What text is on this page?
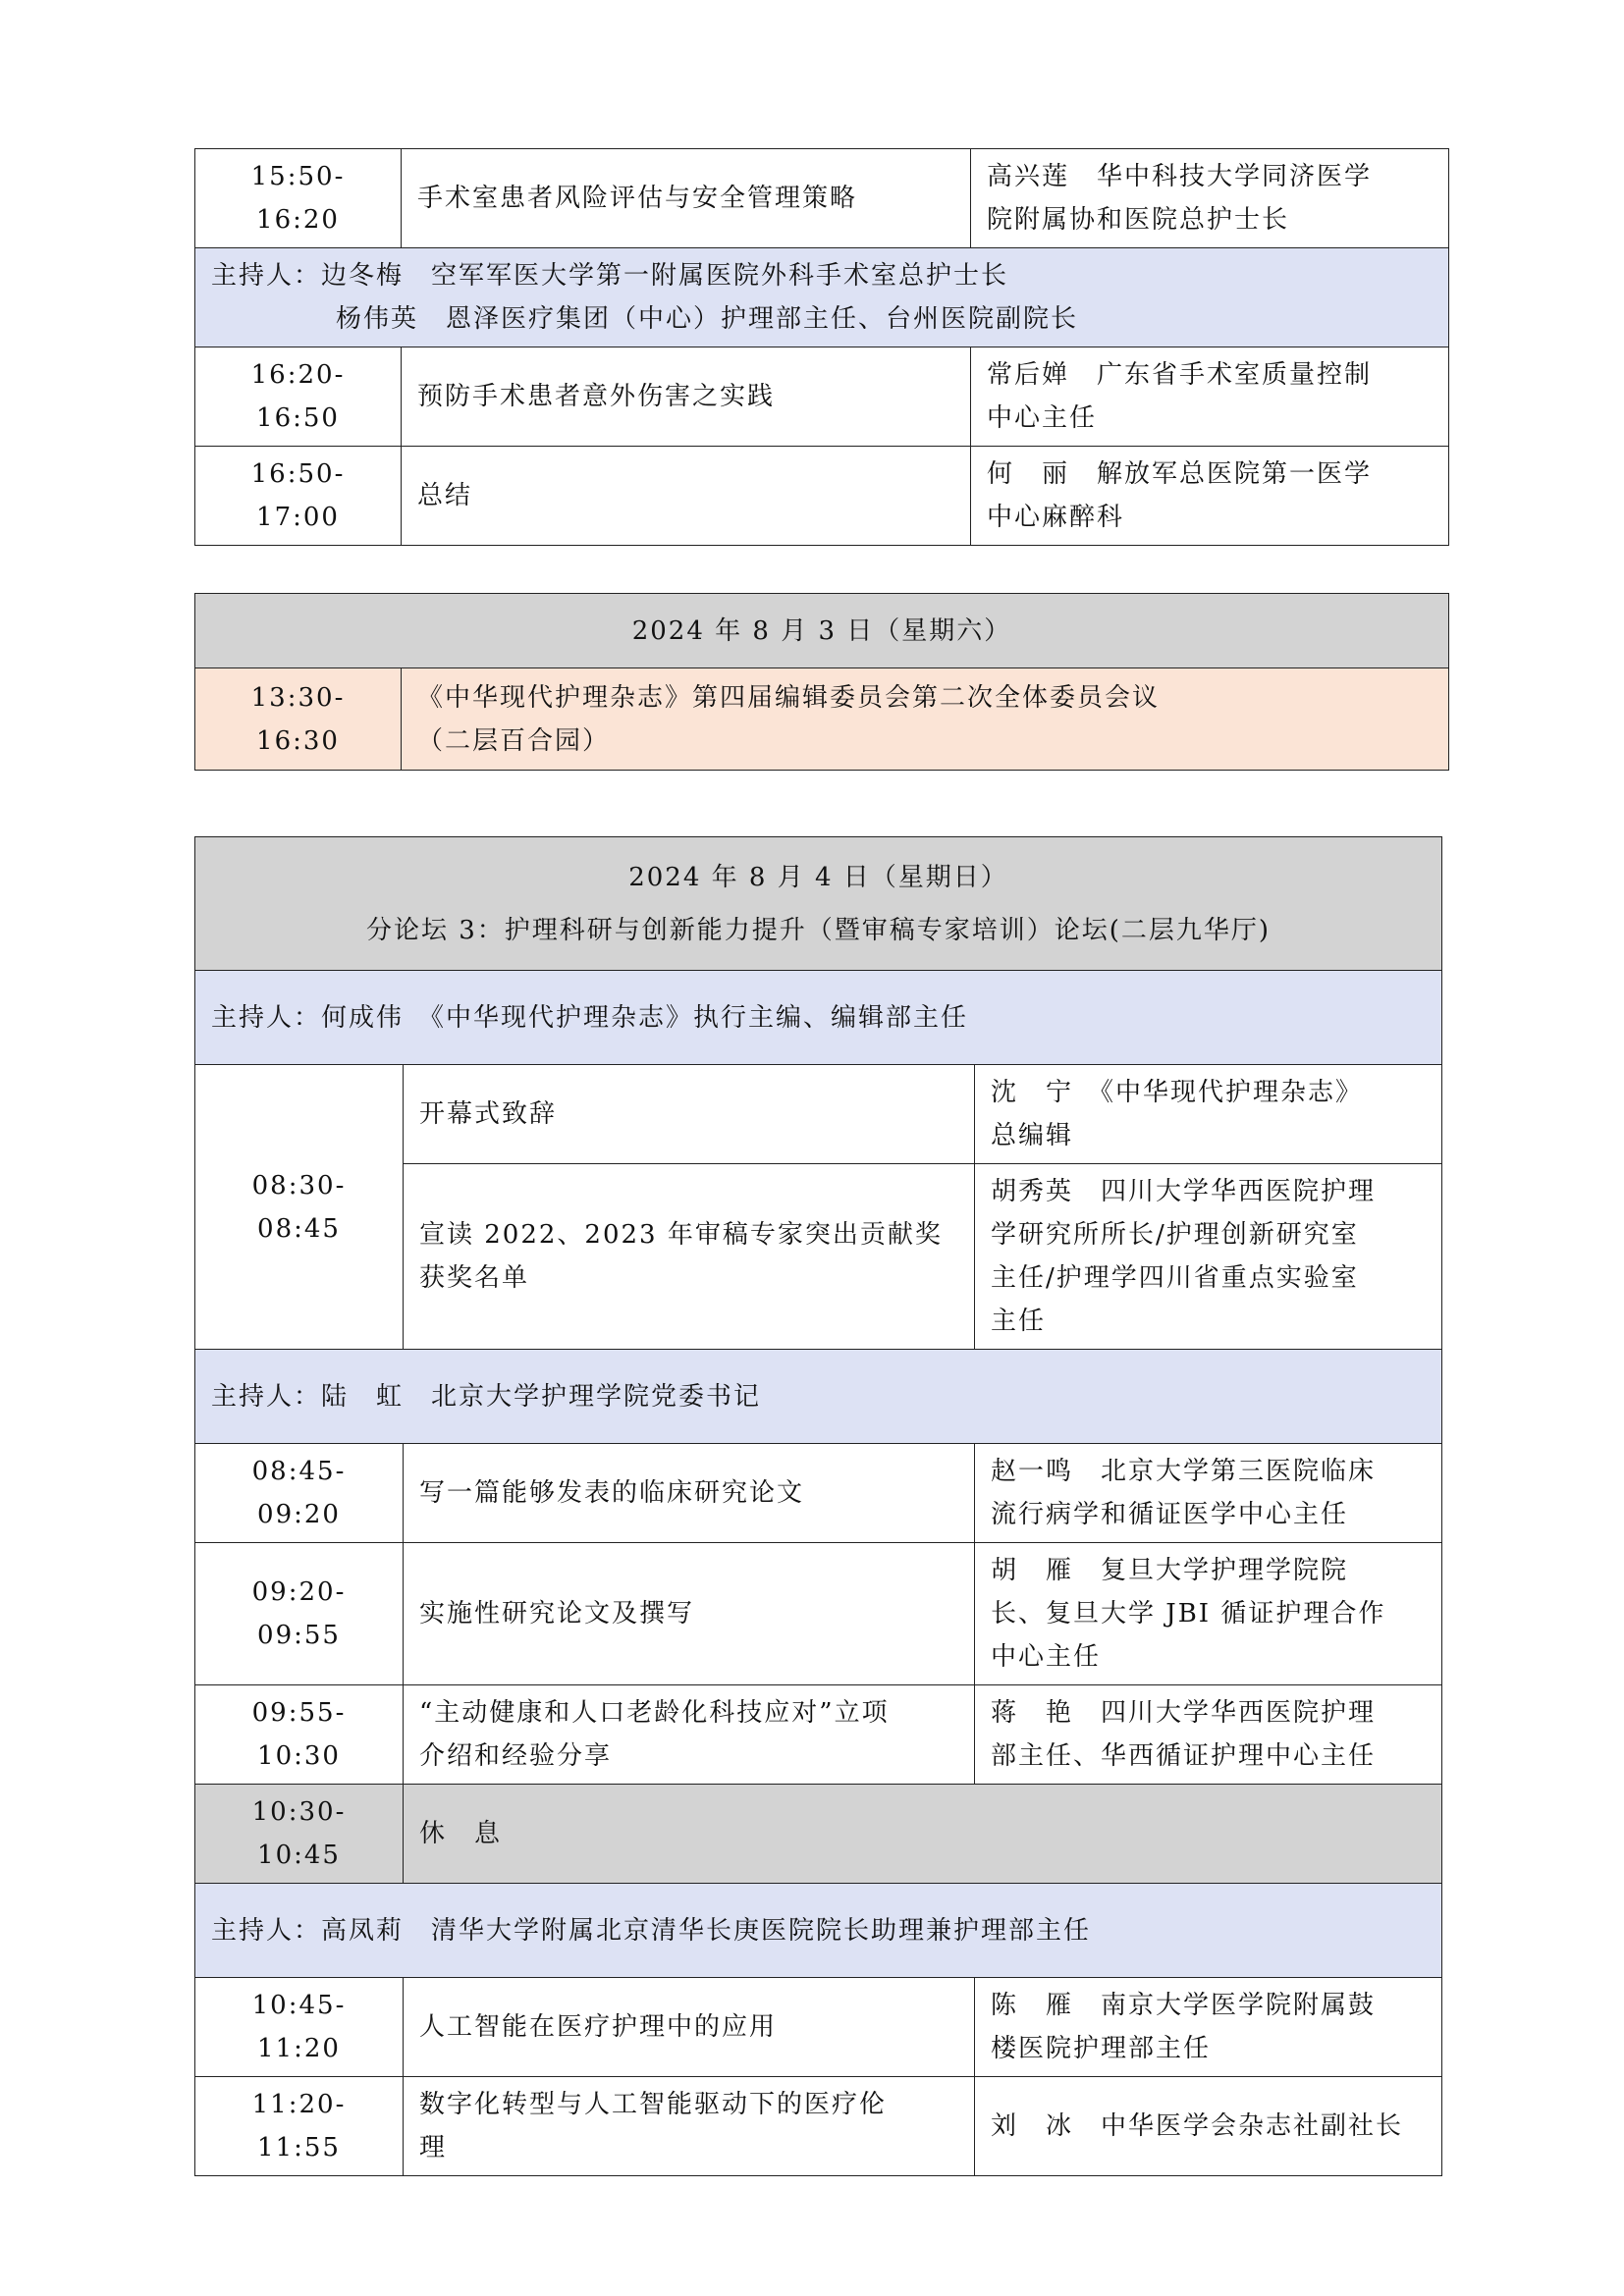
15:50-16:20	手术室患者风险评估与安全管理策略	高兴莲　华中科技大学同济医学
院附属协和医院总护士长

主持人：边冬梅　空军军医大学第一附属医院外科手术室总护士长
杨伟英　恩泽医疗集团（中心）护理部主任、台州医院副院长		

16:20-16:50	预防手术患者意外伤害之实践	常后婵　广东省手术室质量控制
中心主任

16:50-17:00	总结	何　丽　解放军总医院第一医学
中心麻醉科
2024 年 8 月 3 日（星期六）
13:30-16:30	
《中华现代护理杂志》第四届编辑委员会第二次全体委员会议
（二层百合园）
2024 年 8 月 4 日（星期日）
分论坛 3：护理科研与创新能力提升（暨审稿专家培训）论坛(二层九华厅)		

主持人：何成伟　《中华现代护理杂志》执行主编、编辑部主任		
08:30-08:45	开幕式致辞	沈　宁　《中华现代护理杂志》
总编辑

	宣读 2022、2023 年审稿专家突出贡献奖
获奖名单	胡秀英　四川大学华西医院护理
学研究所所长/护理创新研究室
主任/护理学四川省重点实验室
主任

主持人：陆　虹　北京大学护理学院党委书记		
08:45-09:20	写一篇能够发表的临床研究论文	赵一鸣　北京大学第三医院临床
流行病学和循证医学中心主任

09:20-09:55	实施性研究论文及撰写	胡　雁　复旦大学护理学院院
长、复旦大学 JBI 循证护理合作
中心主任

09:55-10:30	“主动健康和人口老龄化科技应对”立项
介绍和经验分享	蒋　艳　四川大学华西医院护理
部主任、华西循证护理中心主任

10:30-10:45	休　息	
主持人：高凤莉　清华大学附属北京清华长庚医院院长助理兼护理部主任		
10:45-11:20	人工智能在医疗护理中的应用	陈　雁　南京大学医学院附属鼓
楼医院护理部主任

11:20-11:55	数字化转型与人工智能驱动下的医疗伦
理	刘　冰　中华医学会杂志社副社长
